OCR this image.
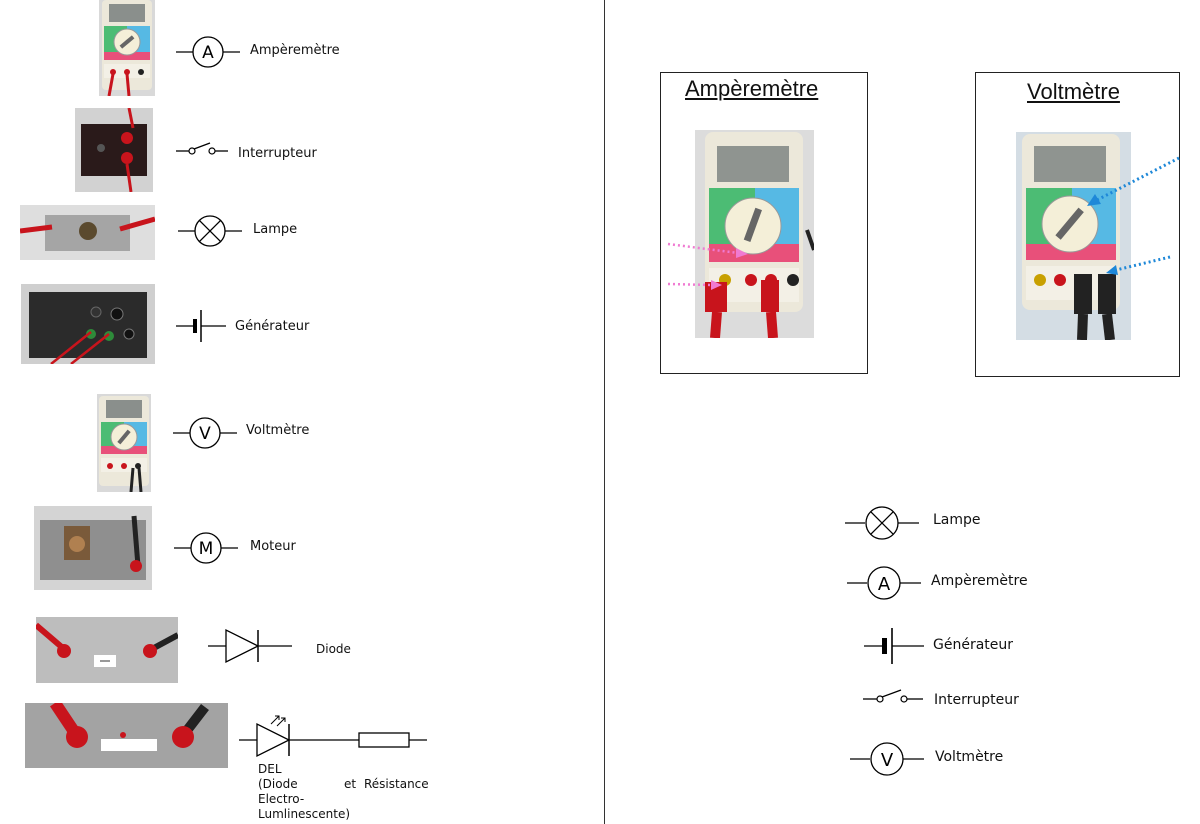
A	Ampèremètre
Interrupteur
Lampe
Générateur
V	Voltmètre
M	Moteur
Diode
DEL
(Diode
Electro-
Lumlinescente)
et Résistance
Ampèremètre	Voltmètre
Lampe
A	Ampèremètre
Générateur
Interrupteur
V	Voltmètre
